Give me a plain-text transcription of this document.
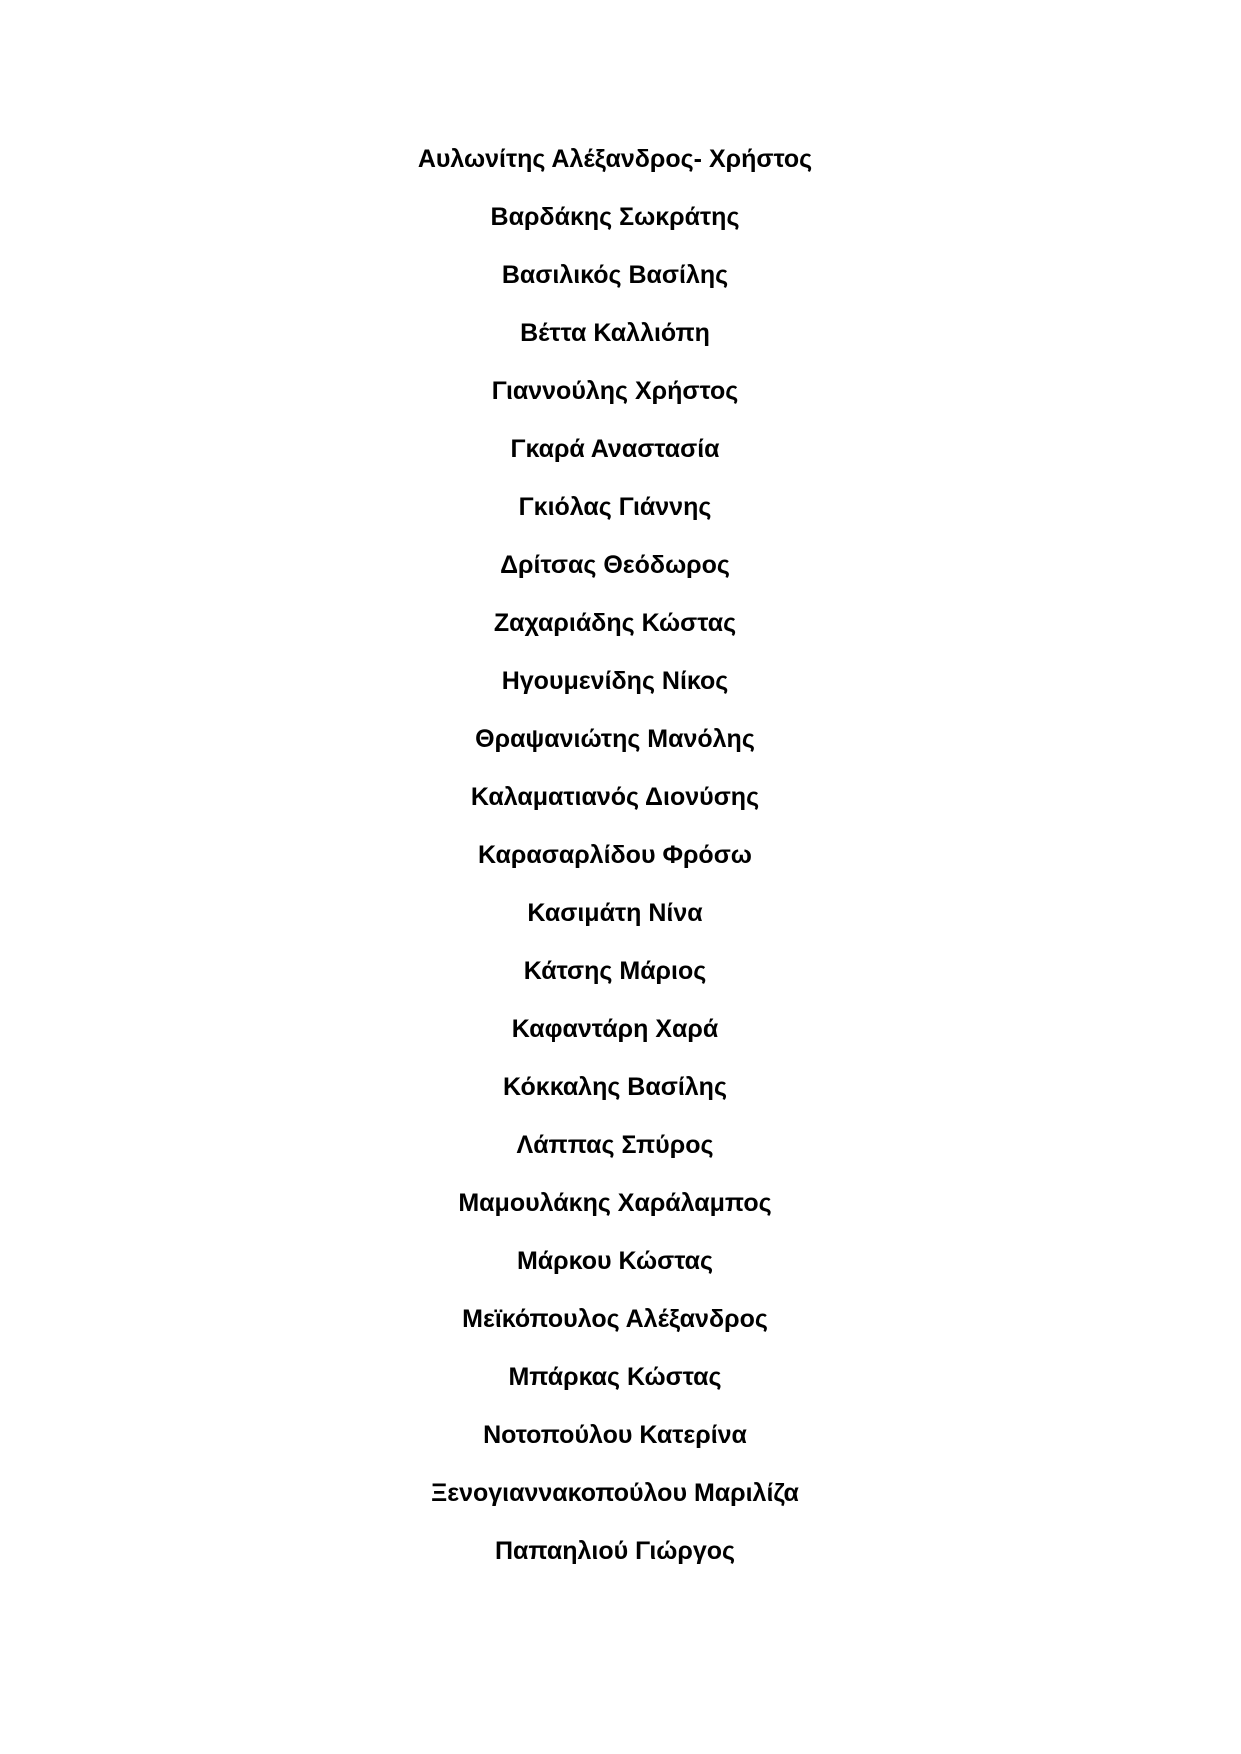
Αυλωνίτης Αλέξανδρος- Χρήστος
Βαρδάκης Σωκράτης
Βασιλικός Βασίλης
Βέττα Καλλιόπη
Γιαννούλης Χρήστος
Γκαρά Αναστασία
Γκιόλας Γιάννης
Δρίτσας Θεόδωρος
Ζαχαριάδης Κώστας
Ηγουμενίδης Νίκος
Θραψανιώτης Μανόλης
Καλαματιανός Διονύσης
Καρασαρλίδου Φρόσω
Κασιμάτη Νίνα
Κάτσης Μάριος
Καφαντάρη Χαρά
Κόκκαλης Βασίλης
Λάππας Σπύρος
Μαμουλάκης Χαράλαμπος
Μάρκου Κώστας
Μεϊκόπουλος Αλέξανδρος
Μπάρκας Κώστας
Νοτοπούλου Κατερίνα
Ξενογιαννακοπούλου Μαριλίζα
Παπαηλιού Γιώργος
